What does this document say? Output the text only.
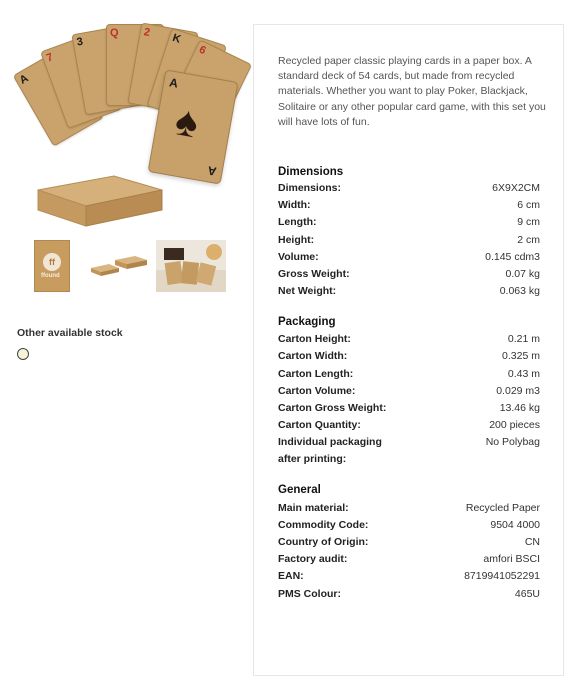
A
7
3
Q 2 K
6
A
♠
A
ff
ffound
Other available stock

Recycled paper classic playing cards in a paper box. A standard deck of 54 cards, but made from recycled materials. Whether you want to play Poker, Blackjack, Solitaire or any other popular card game, with this set you will have lots of fun.

Dimensions
Dimensions:	6X9X2CM
Width:	6 cm
Length:	9 cm
Height:	2 cm
Volume:	0.145 cdm3
Gross Weight:	0.07 kg
Net Weight:	0.063 kg
Packaging
Carton Height:	0.21 m
Carton Width:	0.325 m
Carton Length:	0.43 m
Carton Volume:	0.029 m3
Carton Gross Weight:	13.46 kg
Carton Quantity:	200 pieces
Individual packaging after printing:
No Polybag
General
Main material:	Recycled Paper
Commodity Code:	9504 4000
Country of Origin:	CN
Factory audit:	amfori BSCI
EAN:	8719941052291
PMS Colour:	465U
